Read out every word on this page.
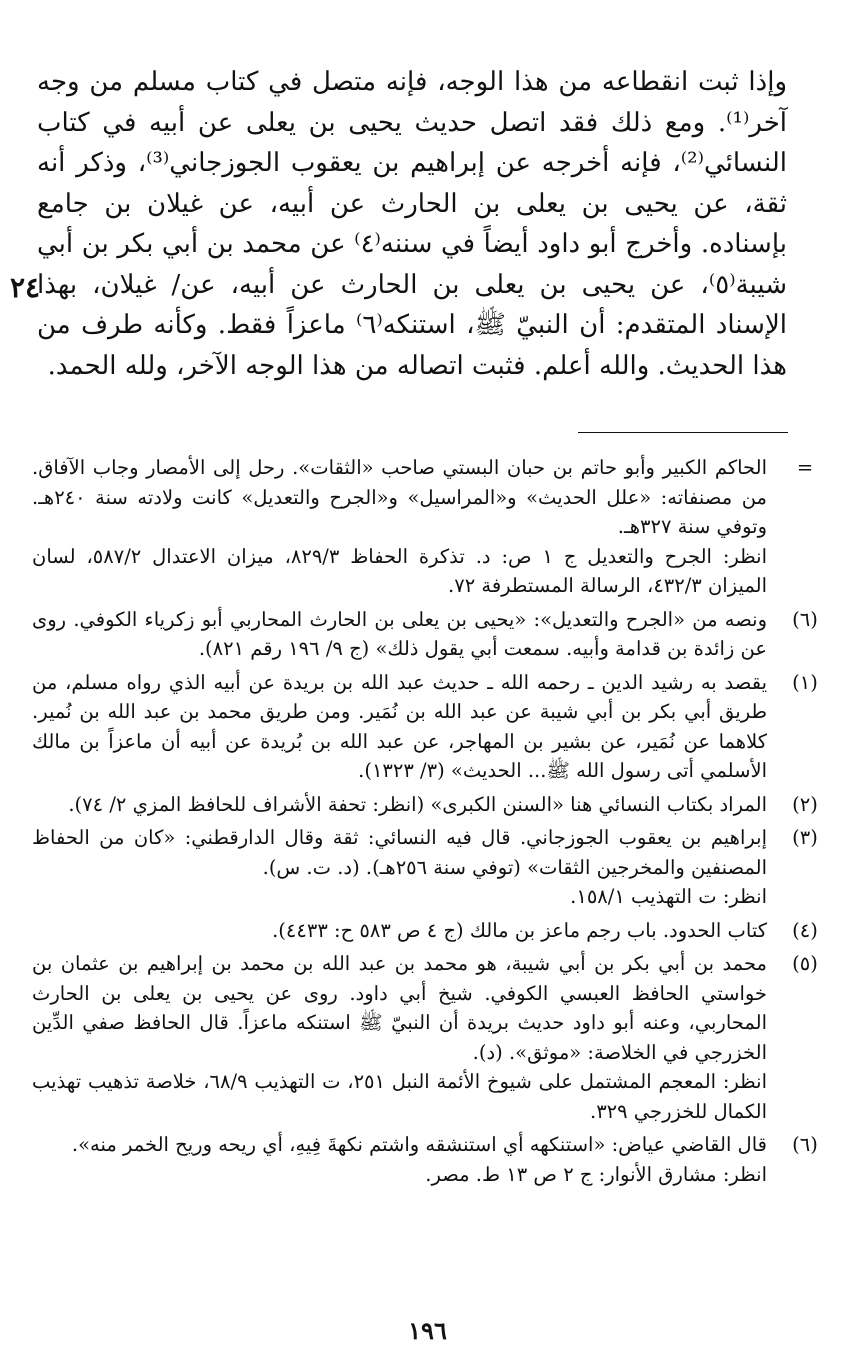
وإذا ثبت انقطاعه من هذا الوجه، فإنه متصل في كتاب مسلم من وجه آخر⁽¹⁾. ومع ذلك فقد اتصل حديث يحيى بن يعلى عن أبيه في كتاب النسائي⁽²⁾، فإنه أخرجه عن إبراهيم بن يعقوب الجوزجاني⁽³⁾، وذكر أنه ثقة، عن يحيى بن يعلى بن الحارث عن أبيه، عن غيلان بن جامع بإسناده. وأخرج أبو داود أيضاً في سننه⁽٤⁾ عن محمد بن أبي بكر بن أبي شيبة⁽٥⁾، عن يحيى بن يعلى بن الحارث عن أبيه، عن/ غيلان، بهذا الإسناد المتقدم: أن النبيّ ﷺ، استنكه⁽٦⁾ ماعزاً فقط. وكأنه طرف من هذا الحديث. والله أعلم. فثبت اتصاله من هذا الوجه الآخر، ولله الحمد.

٢٤
=

الحاكم الكبير وأبو حاتم بن حبان البستي صاحب «الثقات». رحل إلى الأمصار وجاب الآفاق. من مصنفاته: «علل الحديث» و«المراسيل» و«الجرح والتعديل» كانت ولادته سنة ٢٤٠هـ. وتوفي سنة ٣٢٧هـ.

انظر: الجرح والتعديل ج ١ ص: د. تذكرة الحفاظ ٨٢٩/٣، ميزان الاعتدال ٥٨٧/٢، لسان الميزان ٤٣٢/٣، الرسالة المستطرفة ٧٢.

(٦)

ونصه من «الجرح والتعديل»: «يحيى بن يعلى بن الحارث المحاربي أبو زكرياء الكوفي. روى عن زائدة بن قدامة وأبيه. سمعت أبي يقول ذلك» (ج ٩/ ١٩٦ رقم ٨٢١).

(١)

يقصد به رشيد الدين ـ رحمه الله ـ حديث عبد الله بن بريدة عن أبيه الذي رواه مسلم، من طريق أبي بكر بن أبي شيبة عن عبد الله بن نُمَير. ومن طريق محمد بن عبد الله بن نُمير. كلاهما عن نُمَير، عن بشير بن المهاجر، عن عبد الله بن بُريدة عن أبيه أن ماعزاً بن مالك الأسلمي أتى رسول الله ﷺ... الحديث» (٣/ ١٣٢٣).

(٢)

المراد بكتاب النسائي هنا «السنن الكبرى» (انظر: تحفة الأشراف للحافظ المزي ٢/ ٧٤).

(٣)

إبراهيم بن يعقوب الجوزجاني. قال فيه النسائي: ثقة وقال الدارقطني: «كان من الحفاظ المصنفين والمخرجين الثقات» (توفي سنة ٢٥٦هـ). (د. ت. س).

انظر: ت التهذيب ١٥٨/١.

(٤)

كتاب الحدود. باب رجم ماعز بن مالك (ج ٤ ص ٥٨٣ ح: ٤٤٣٣).

(٥)

محمد بن أبي بكر بن أبي شيبة، هو محمد بن عبد الله بن محمد بن إبراهيم بن عثمان بن خواستي الحافظ العبسي الكوفي. شيخ أبي داود. روى عن يحيى بن يعلى بن الحارث المحاربي، وعنه أبو داود حديث بريدة أن النبيّ ﷺ استنكه ماعزاً. قال الحافظ صفي الدِّين الخزرجي في الخلاصة: «موثق». (د).

انظر: المعجم المشتمل على شيوخ الأئمة النبل ٢٥١، ت التهذيب ٦٨/٩، خلاصة تذهيب تهذيب الكمال للخزرجي ٣٢٩.

(٦)

قال القاضي عياض: «استنكهه أي استنشقه واشتم نكهةَ فِيهِ، أي ريحه وريح الخمر منه».

انظر: مشارق الأنوار: ج ٢ ص ١٣ ط. مصر.

١٩٦
